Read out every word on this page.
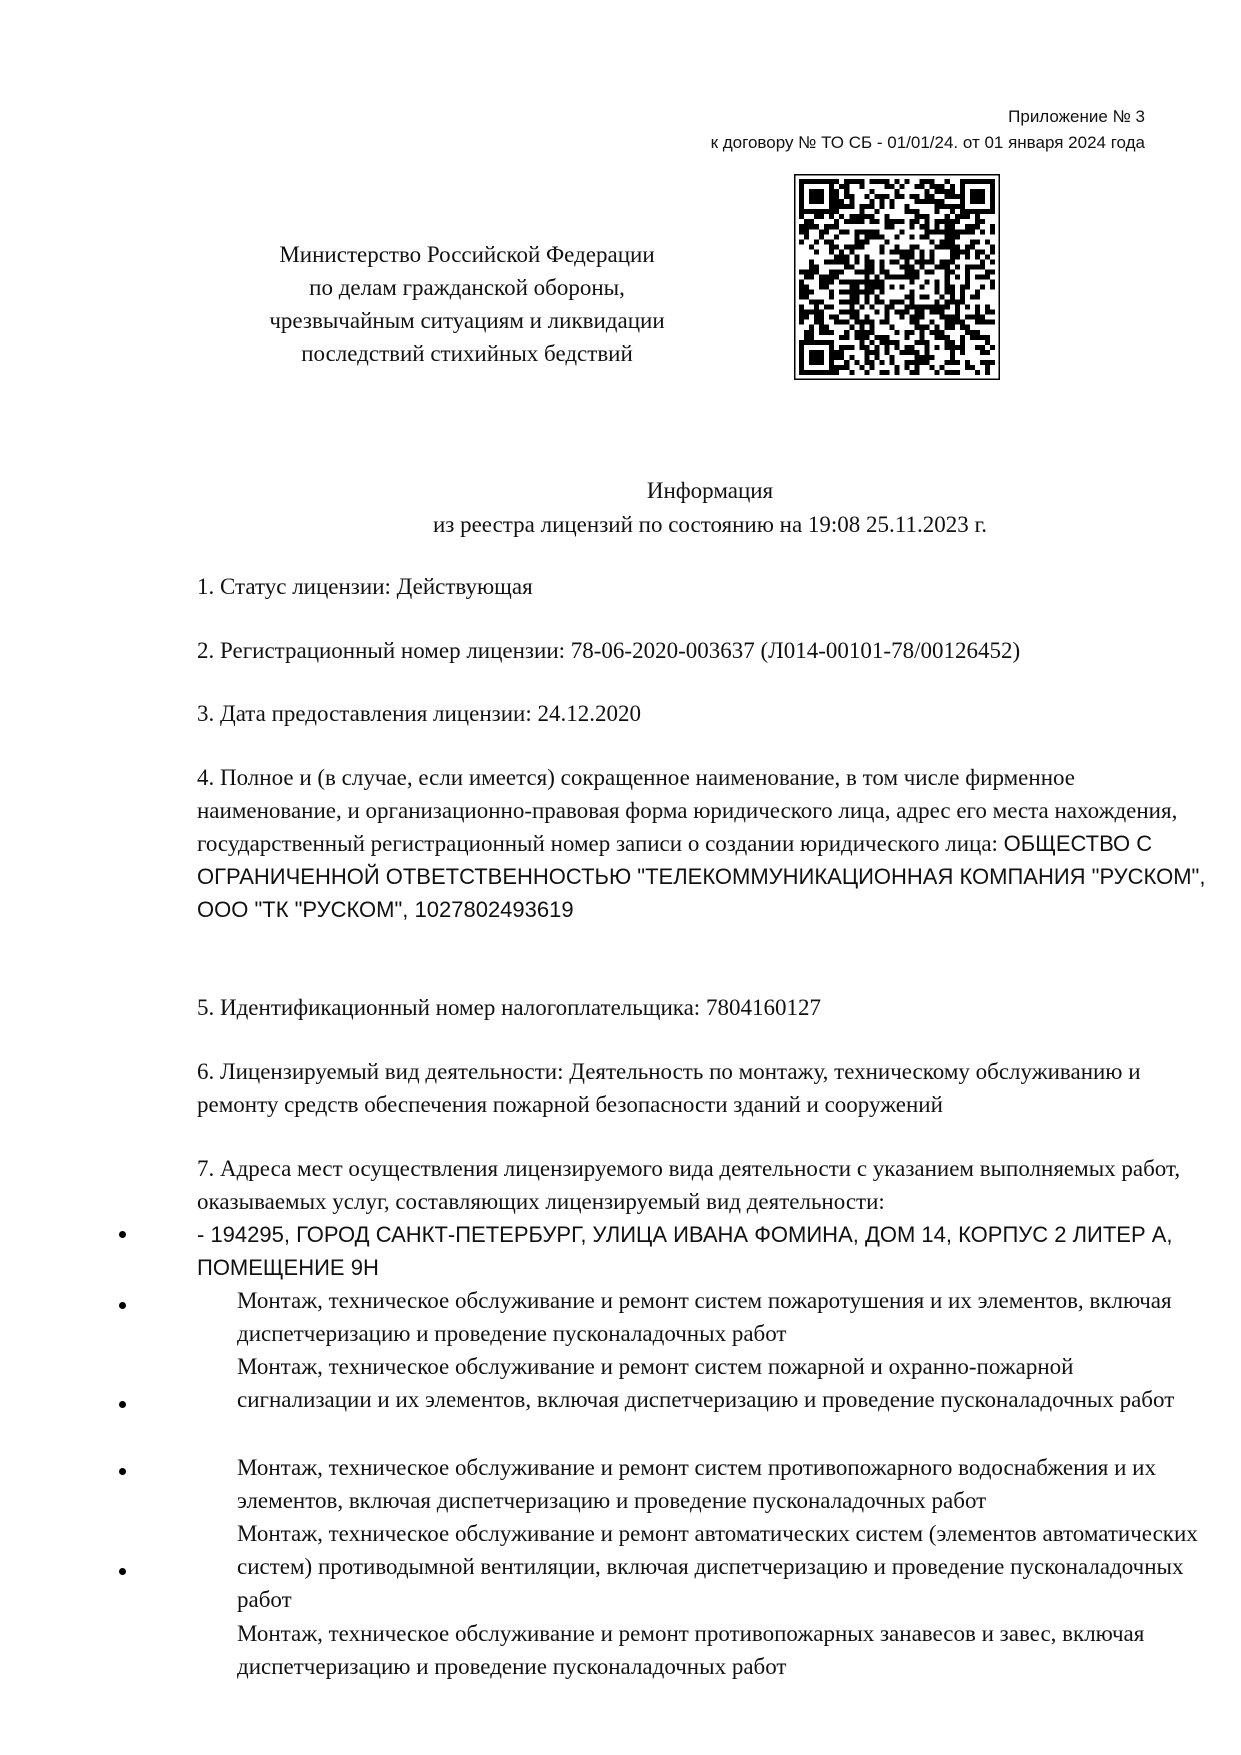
Приложение № 3
к договору № ТО СБ - 01/01/24. от 01 января 2024 года
Министерство Российской Федерации
по делам гражданской обороны,
чрезвычайным ситуациям и ликвидации
последствий стихийных бедствий
Информация
из реестра лицензий по состоянию на 19:08 25.11.2023 г.
1. Статус лицензии: Действующая
2. Регистрационный номер лицензии: 78-06-2020-003637 (Л014-00101-78/00126452)
3. Дата предоставления лицензии: 24.12.2020
4. Полное и (в случае, если имеется) сокращенное наименование, в том числе фирменное наименование, и организационно-правовая форма юридического лица, адрес его места нахождения, государственный регистрационный номер записи о создании юридического лица: ОБЩЕСТВО С ОГРАНИЧЕННОЙ ОТВЕТСТВЕННОСТЬЮ "ТЕЛЕКОММУНИКАЦИОННАЯ КОМПАНИЯ "РУСКОМ", ООО "ТК "РУСКОМ", 1027802493619
5. Идентификационный номер налогоплательщика: 7804160127
6. Лицензируемый вид деятельности: Деятельность по монтажу, техническому обслуживанию и ремонту средств обеспечения пожарной безопасности зданий и сооружений
7. Адреса мест осуществления лицензируемого вида деятельности с указанием выполняемых работ, оказываемых услуг, составляющих лицензируемый вид деятельности:
- 194295, ГОРОД САНКТ-ПЕТЕРБУРГ, УЛИЦА ИВАНА ФОМИНА, ДОМ 14, КОРПУС 2 ЛИТЕР А, ПОМЕЩЕНИЕ 9Н
Монтаж, техническое обслуживание и ремонт систем пожаротушения и их элементов, включая диспетчеризацию и проведение пусконаладочных работ
Монтаж, техническое обслуживание и ремонт систем пожарной и охранно-пожарной сигнализации и их элементов, включая диспетчеризацию и проведение пусконаладочных работ
Монтаж, техническое обслуживание и ремонт систем противопожарного водоснабжения и их элементов, включая диспетчеризацию и проведение пусконаладочных работ
Монтаж, техническое обслуживание и ремонт автоматических систем (элементов автоматических систем) противодымной вентиляции, включая диспетчеризацию и проведение пусконаладочных работ
Монтаж, техническое обслуживание и ремонт противопожарных занавесов и завес, включая диспетчеризацию и проведение пусконаладочных работ
